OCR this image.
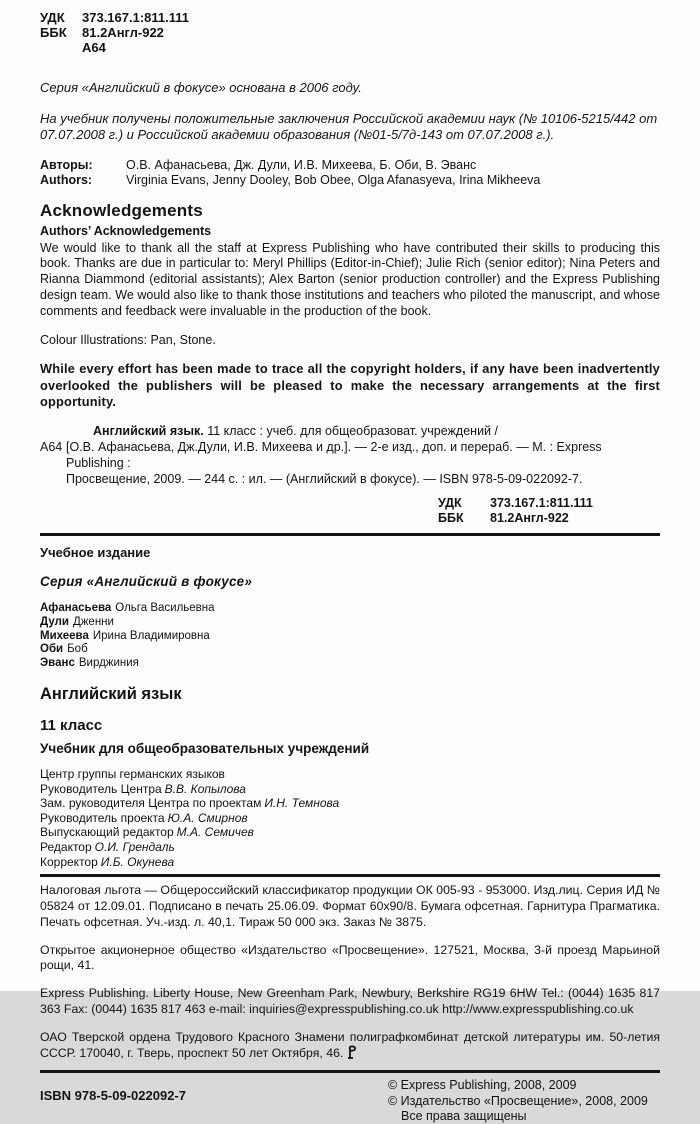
УДК	373.167.1:811.111
ББК	81.2Англ-922
А64
Серия «Английский в фокусе» основана в 2006 году.
На учебник получены положительные заключения Российской академии наук (№ 10106-5215/442 от 07.07.2008 г.) и Российской академии образования (№01-5/7д-143 от 07.07.2008 г.).
Авторы:	О.В. Афанасьева, Дж. Дули, И.В. Михеева, Б. Оби, В. Эванс
Authors:	Virginia Evans, Jenny Dooley, Bob Obee, Olga Afanasyeva, Irina Mikheeva
Acknowledgements
Authors’ Acknowledgements
We would like to thank all the staff at Express Publishing who have contributed their skills to producing this book. Thanks are due in particular to: Meryl Phillips (Editor-in-Chief); Julie Rich (senior editor); Nina Peters and Rianna Diammond (editorial assistants); Alex Barton (senior production controller) and the Express Publishing design team. We would also like to thank those institutions and teachers who piloted the manuscript, and whose comments and feedback were invaluable in the production of the book.
Colour Illustrations: Pan, Stone.
While every effort has been made to trace all the copyright holders, if any have been inadvertently overlooked the publishers will be pleased to make the necessary arrangements at the first opportunity.
А64
Английский язык. 11 класс : учеб. для общеобразоват. учреждений /
[О.В. Афанасьева, Дж.Дули, И.В. Михеева и др.]. — 2-е изд., доп. и перераб. — М. : Express Publishing :
Просвещение, 2009. — 244 с. : ил. — (Английский в фокусе). — ISBN 978-5-09-022092-7.
УДК	373.167.1:811.111
ББК	81.2Англ-922
Учебное издание
Серия «Английский в фокусе»
Афанасьева Ольга Васильевна
Дули Дженни
Михеева Ирина Владимировна
Оби Боб
Эванс Вирджиния
Английский язык
11 класс
Учебник для общеобразовательных учреждений
Центр группы германских языков
Руководитель Центра В.В. Копылова
Зам. руководителя Центра по проектам И.Н. Темнова
Руководитель проекта Ю.А. Смирнов
Выпускающий редактор М.А. Семичев
Редактор О.И. Грендаль
Корректор И.Б. Окунева

Налоговая льгота — Общероссийский классификатор продукции ОК 005-93 - 953000. Изд.лиц. Серия ИД № 05824 от 12.09.01. Подписано в печать 25.06.09. Формат 60х90/8. Бумага офсетная. Гарнитура Прагматика. Печать офсетная. Уч.-изд. л. 40,1. Тираж 50 000 экз. Заказ № 3875.

Открытое акционерное общество «Издательство «Просвещение». 127521, Москва, 3-й проезд Марьиной рощи, 41.

Express Publishing. Liberty House, New Greenham Park, Newbury, Berkshire RG19 6HW Tel.: (0044) 1635 817 363 Fax: (0044) 1635 817 463 e-mail: inquiries@expresspublishing.co.uk http://www.expresspublishing.co.uk

ОАО Тверской ордена Трудового Красного Знамени полиграфкомбинат детской литературы им. 50-летия СССР. 170040, г. Тверь, проспект 50 лет Октября, 46.

ISBN 978-5-09-022092-7
© Express Publishing, 2008, 2009
© Издательство «Просвещение», 2008, 2009
Все права защищены
